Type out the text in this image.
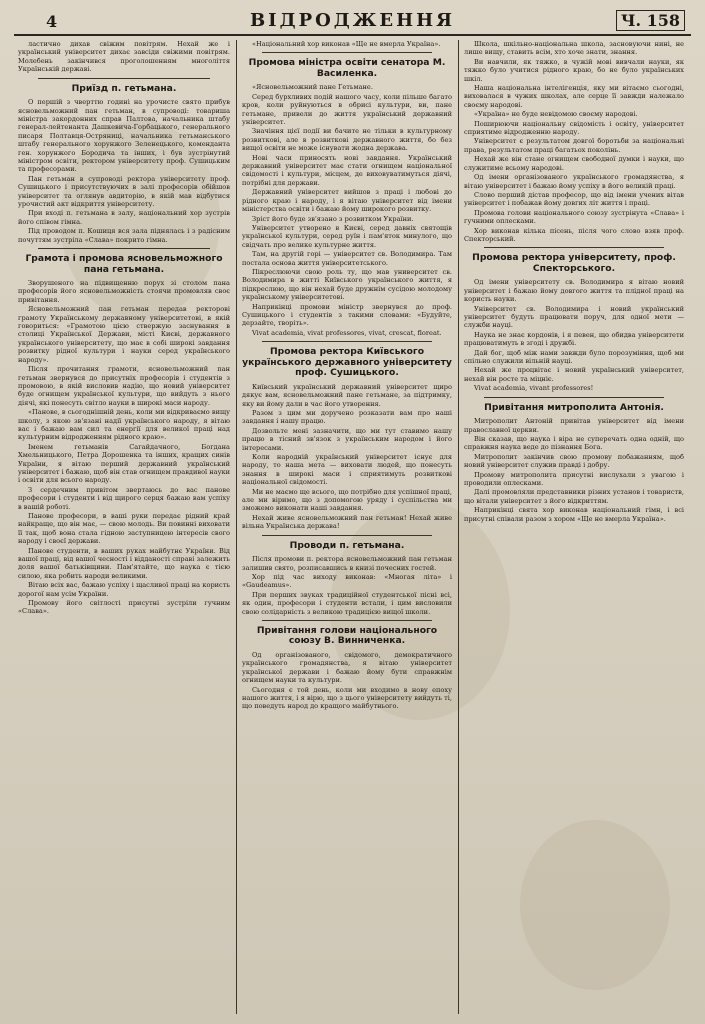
4	ВІДРОДЖЕННЯ	Ч. 158

ластично дихав свіжим повітрям. Нехай же і український університет дихає завсіди свіжими повітрям. Молебень закінчився проголошенням многоліття Українській державі.

Приїзд п. гетьмана.

О першій з чверттю годині на урочисте свято прибув ясновельможний пан гетьман, в супроводі: товариша міністра закордонних справ Палтова, начальника штабу генерал-лейтенанта Дашкевича-Горбацького, генерального писаря Полтавця-Остряниці, начальника гетьманського штабу генерального хорунжого Зеленецького, коменданта ген. хорунжого Бородича та інших, і був зустрінутий міністром освіти, ректором університету проф. Сушицьким та професорами.

Пан гетьман в супроводі ректора університету проф. Сушицького і присутствуючих в залі професорів обійшов університет та оглянув авдиторію, в якій мав відбутися урочистий акт відкриття університету.

При вході п. гетьмана в залу, національний хор зустрів його співом гімна.

Під проводом п. Кошиця вся зала піднялась і з радісним почуттям зустріла «Слава» покрито гімна.

Грамота і промова ясновельможного пана гетьмана.

Зворушеного на підвищенню порух зі столом пана професорів його ясновельможність стоячи промовляв своє привітання.

Ясновельможний пан гетьман передав ректорові грамоту Українському державному університетові, в якій говориться: «Грамотою цією ствержую заснування в столиці Української Держави, місті Києві, державного українського університету, що має в собі широкі завдання розвитку рідної культури і науки серед українського народу».

Після прочитання грамоти, ясновельможний пан гетьман звернувся до присутніх професорів і студентів з промовою, в якій висловив надію, що новий університет буде огнищем української культури, що вийдуть з нього діячі, які понесуть світло науки в широкі маси народу.

«Панове, в сьогоднішній день, коли ми відкриваємо вищу школу, з якою зв'язані надії українського народу, я вітаю вас і бажаю вам сил та енергії для великої праці над культурним відродженням рідного краю».

Іменем гетьманів Сагайдачного, Богдана Хмельницького, Петра Дорошенка та інших, кращих синів України, я вітаю перший державний український університет і бажаю, щоб він став огнищем правдивої науки і освіти для всього народу.

З сердечним привітом звертаюсь до вас панове професори і студенти і від щирого серця бажаю вам успіху в вашій роботі.

Панове професори, в ваші руки передає рідний край найкраще, що він має, — свою молодь. Ви повинні виховати її так, щоб вона стала гідною заступницею інтересів свого народу і своєї держави.

Панове студенти, в ваших руках майбутнє України. Від вашої праці, від вашої чесності і відданості справі залежить доля вашої батьківщини. Пам'ятайте, що наука є тією силою, яка робить народи великими.

Вітаю всіх вас, бажаю успіху і щасливої праці на користь дорогої нам усім України.

Промову його світлості присутні зустріли гучним «Слава».

«Національний хор виконав «Ще не вмерла Україна».

Промова міністра освіти сенатора М. Василенка.

«Ясновельможний пане Гетьмане.

Серед бурхливих подій нашого часу, коли пільше багато кров, коли руйнуються в обрисі культури, ви, пане гетьмане, привели до життя український державний університет.

Значіння цієї події ви бачите не тільки в культурному розвиткові, але в розвиткові державного життя, бо без вищої освіти не може існувати жодна держава.

Нові часи приносять нові завдання. Український державний університет має стати огнищем національної свідомості і культури, місцем, де виховуватимуться діячі, потрібні для держави.

Державний університет вийшов з праці і любові до рідного краю і народу, і я вітаю університет від імени міністерства освіти і бажаю йому широкого розвитку.

Зріст його буде зв'язано з розвитком України.

Університет утворено в Києві, серед давніх святощів української культури, серед руїн і пам'яток минулого, що свідчать про велике культурне життя.

Там, на другій горі — університет св. Володимира. Там постала основа життя університетського.

Пікреслюючи свою роль ту, що мав университет св. Володимира в житті Київського українського життя, я підкреслюю, що він нехай буде дружнім сусідою молодому українському університетові.

Наприкінці промови міністр звернувся до проф. Сушицького і студентів з такими словами: «Будуйте, дерзайте, творіть».

Vivat academia, vivat professores, vivat, crescat, floreat.

Промова ректора Київського українського державного університету проф. Сушицького.

Київський український державний університет щиро дякує вам, ясновельможний пане гетьмане, за підтримку, яку ви йому дали в час його утворення.

Разом з цим ми доручено розказати вам про наші завдання і нашу працю.

Дозвольте мені зазначити, що ми тут ставимо нашу працю в тісний зв'язок з українським народом і його інтересами.

Коли народній український університет існує для народу, то наша мета — виховати людей, що понесуть знання в широкі маси і сприятимуть розвиткові національної свідомості.

Ми не маємо ще всього, що потрібно для успішної праці, але ми віримо, що з допомогою уряду і суспільства ми зможемо виконати наші завдання.

Нехай живе ясновельможний пан гетьман! Нехай живе вільна Українська держава!

Проводи п. гетьмана.

Після промови п. ректора ясновельможний пан гетьман залишив свято, розписавшись в книзі почесних гостей.

Хор під час виходу виконав: «Многая літа» і «Gaudeamus».

При перших звуках традиційної студентської пісні всі, як один, професори і студенти встали, і цим висловили свою солідарність з великою традицією вищої школи.

Привітання голови національного союзу В. Винниченка.

Од організованого, свідомого, демократичного українського громадянства, я вітаю університет української держави і бажаю йому бути справжнім огнищем науки та культури.

Сьогодня є той день, коли ми входимо в нову епоху нашого життя, і я вірю, що з цього університету вийдуть ті, що поведуть народ до кращого майбутнього.

Школа, шкільно-національна школа, засновуючи нині, не лише вищу, ставить всім, хто хоче знати, знання.

Ви навчили, як тяжко, в чужій мові вивчали науки, як тяжко було учитися рідного краю, бо не було українських шкіл.

Наша національна інтелігенція, яку ми вітаємо сьогодні, виховалася в чужих школах, але серце її завжди належало своєму народові.

«Україна» не буде невідомою своєму народові.

Поширюючи національну свідомість і освіту, університет сприятиме відродженню народу.

Університет є результатом довгої боротьби за національні права, результатом праці багатьох поколінь.

Нехай же він стане огнищем свободної думки і науки, що служитиме всьому народові.

Од імени організованого українського громадянства, я вітаю університет і бажаю йому успіху в його великій праці.

Слово перший дістав професор, що від імени учених вітав університет і побажав йому довгих літ життя і праці.

Промова голови національного союзу зустрінута «Слава» і гучними оплесками.

Хор виконав кілька пісень, після чого слово взяв проф. Спекторський.

Промова ректора університету, проф. Спекторського.

Од імени університету св. Володимира я вітаю новий університет і бажаю йому довгого життя та плідної праці на користь науки.

Університет св. Володимира і новий український університет будуть працювати поруч, для одної мети — служби науці.

Наука не знає кордонів, і я певен, що обидва університети працюватимуть в згоді і дружбі.

Дай бог, щоб між нами завжди було порозуміння, щоб ми спільно служили вільній науці.

Нехай же процвітає і новий український університет, нехай він росте та міцніє.

Vivat academia, vivant professores!

Привітання митрополита Антонія.

Митрополит Антоній привітав університет від імени православної церкви.

Він сказав, що наука і віра не суперечать одна одній, що справжня наука веде до пізнання Бога.

Митрополит закінчив свою промову побажанням, щоб новий університет служив правді і добру.

Промову митрополита присутні вислухали з увагою і проводили оплесками.

Далі промовляли представники різних установ і товариств, що вітали університет з його відкриттям.

Наприкінці свята хор виконав національний гімн, і всі присутні співали разом з хором «Ще не вмерла Україна».
